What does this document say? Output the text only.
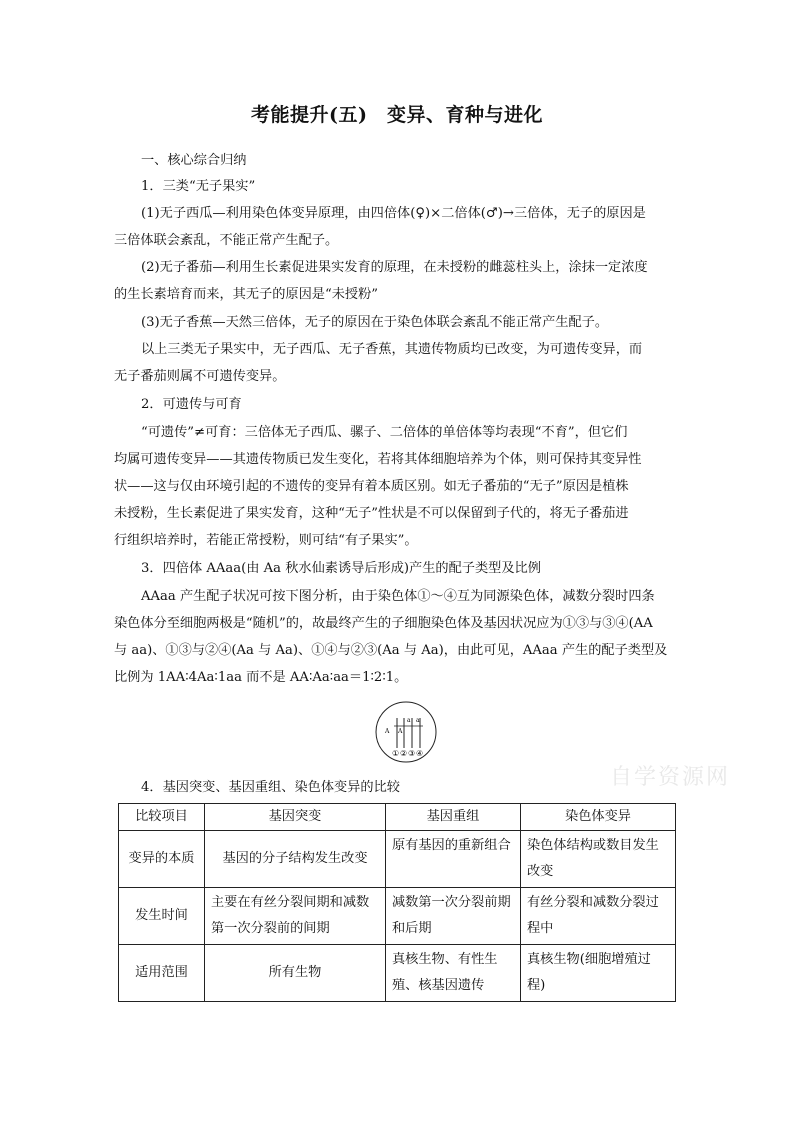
考能提升(五)　变异、育种与进化
一、核心综合归纳
1．三类“无子果实”
(1)无子西瓜—利用染色体变异原理，由四倍体(♀)×二倍体(♂)→三倍体，无子的原因是
三倍体联会紊乱，不能正常产生配子。
(2)无子番茄—利用生长素促进果实发育的原理，在未授粉的雌蕊柱头上，涂抹一定浓度
的生长素培育而来，其无子的原因是“未授粉”
(3)无子香蕉—天然三倍体，无子的原因在于染色体联会紊乱不能正常产生配子。
以上三类无子果实中，无子西瓜、无子香蕉，其遗传物质均已改变，为可遗传变异，而
无子番茄则属不可遗传变异。
2．可遗传与可育
“可遗传”≠可育：三倍体无子西瓜、骡子、二倍体的单倍体等均表现“不育”，但它们
均属可遗传变异——其遗传物质已发生变化，若将其体细胞培养为个体，则可保持其变异性
状——这与仅由环境引起的不遗传的变异有着本质区别。如无子番茄的“无子”原因是植株
未授粉，生长素促进了果实发育，这种“无子”性状是不可以保留到子代的，将无子番茄进
行组织培养时，若能正常授粉，则可结“有子果实”。
3．四倍体 AAaa(由 Aa 秋水仙素诱导后形成)产生的配子类型及比例
AAaa 产生配子状况可按下图分析，由于染色体①～④互为同源染色体，减数分裂时四条
染色体分至细胞两极是“随机”的，故最终产生的子细胞染色体及基因状况应为①③与③④(AA
与 aa)、①③与②④(Aa 与 Aa)、①④与②③(Aa 与 Aa)，由此可见，AAaa 产生的配子类型及
比例为 1AA∶4Aa∶1aa 而不是 AA∶Aa∶aa＝1∶2∶1。
A A
a a
① ② ③ ④
4．基因突变、基因重组、染色体变异的比较	自学资源网
比较项目	基因突变	基因重组	染色体变异
变异的本质	基因的分子结构发生改变	原有基因的重新组合	染色体结构或数目发生改变
发生时间	主要在有丝分裂间期和减数第一次分裂前的间期	减数第一次分裂前期和后期	有丝分裂和减数分裂过程中
适用范围	所有生物	真核生物、有性生殖、核基因遗传	真核生物(细胞增殖过程)
